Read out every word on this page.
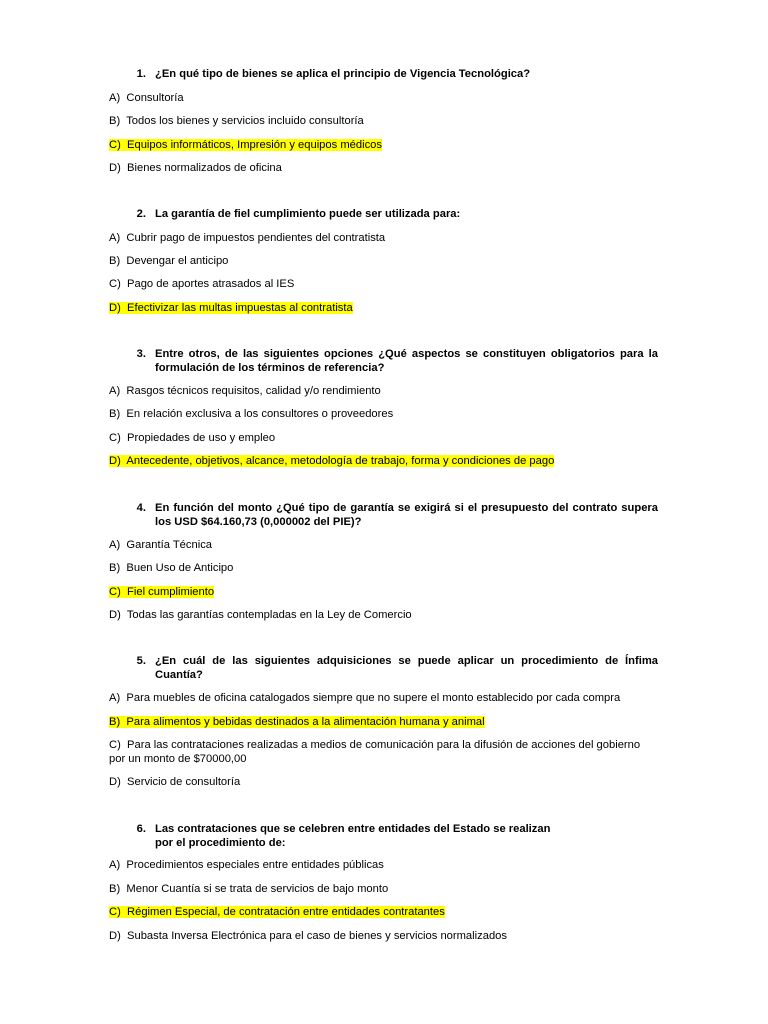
1. ¿En qué tipo de bienes se aplica el principio de Vigencia Tecnológica?
A) Consultoría
B) Todos los bienes y servicios incluido consultoría
C) Equipos informáticos, Impresión y equipos médicos
D) Bienes normalizados de oficina
2. La garantía de fiel cumplimiento puede ser utilizada para:
A) Cubrir pago de impuestos pendientes del contratista
B) Devengar el anticipo
C) Pago de aportes atrasados al IES
D) Efectivizar las multas impuestas al contratista
3. Entre otros, de las siguientes opciones ¿Qué aspectos se constituyen obligatorios para la formulación de los términos de referencia?
A) Rasgos técnicos requisitos, calidad y/o rendimiento
B) En relación exclusiva a los consultores o proveedores
C) Propiedades de uso y empleo
D) Antecedente, objetivos, alcance, metodología de trabajo, forma y condiciones de pago
4. En función del monto ¿Qué tipo de garantía se exigirá si el presupuesto del contrato supera los USD $64.160,73 (0,000002 del PIE)?
A) Garantía Técnica
B) Buen Uso de Anticipo
C) Fiel cumplimiento
D) Todas las garantías contempladas en la Ley de Comercio
5. ¿En cuál de las siguientes adquisiciones se puede aplicar un procedimiento de Ínfima Cuantía?
A) Para muebles de oficina catalogados siempre que no supere el monto establecido por cada compra
B) Para alimentos y bebidas destinados a la alimentación humana y animal
C) Para las contrataciones realizadas a medios de comunicación para la difusión de acciones del gobierno por un monto de $70000,00
D) Servicio de consultoría
6. Las contrataciones que se celebren entre entidades del Estado se realizan por el procedimiento de:
A) Procedimientos especiales entre entidades públicas
B) Menor Cuantía si se trata de servicios de bajo monto
C) Régimen Especial, de contratación entre entidades contratantes
D) Subasta Inversa Electrónica para el caso de bienes y servicios normalizados
